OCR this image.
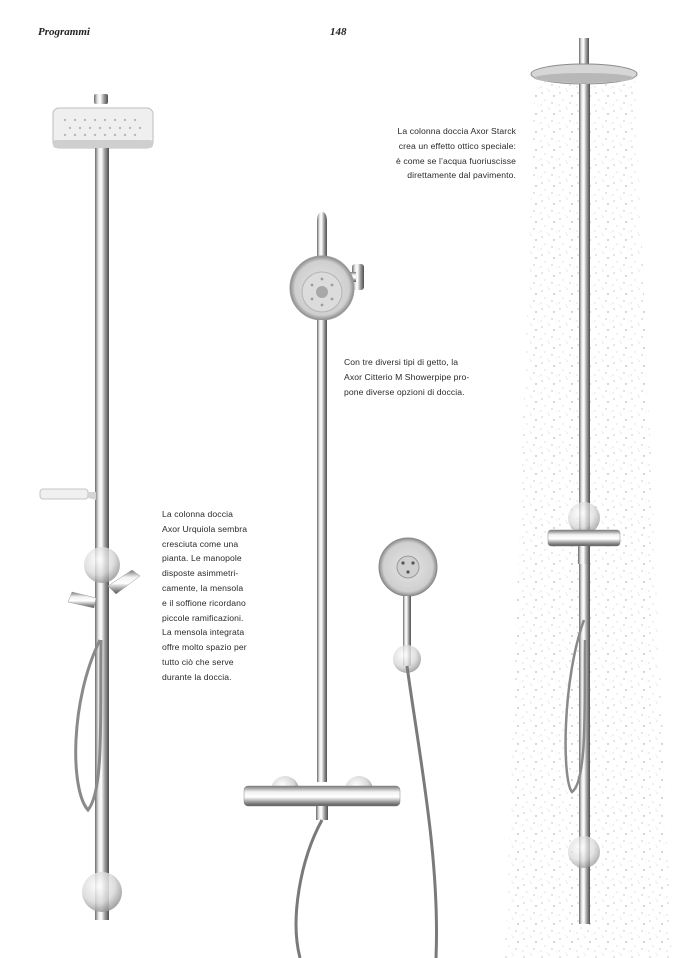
Programmi	148
La colonna doccia Axor Starck
crea un effetto ottico speciale:
è come se l’acqua fuoriuscisse
direttamente dal pavimento.
Con tre diversi tipi di getto, la
Axor Citterio M Showerpipe pro-
pone diverse opzioni di doccia.
La colonna doccia
Axor Urquiola sembra
cresciuta come una
pianta. Le manopole
disposte asimmetri-
camente, la mensola
e il soffione ricordano
piccole ramificazioni.
La mensola integrata
offre molto spazio per
tutto ciò che serve
durante la doccia.
